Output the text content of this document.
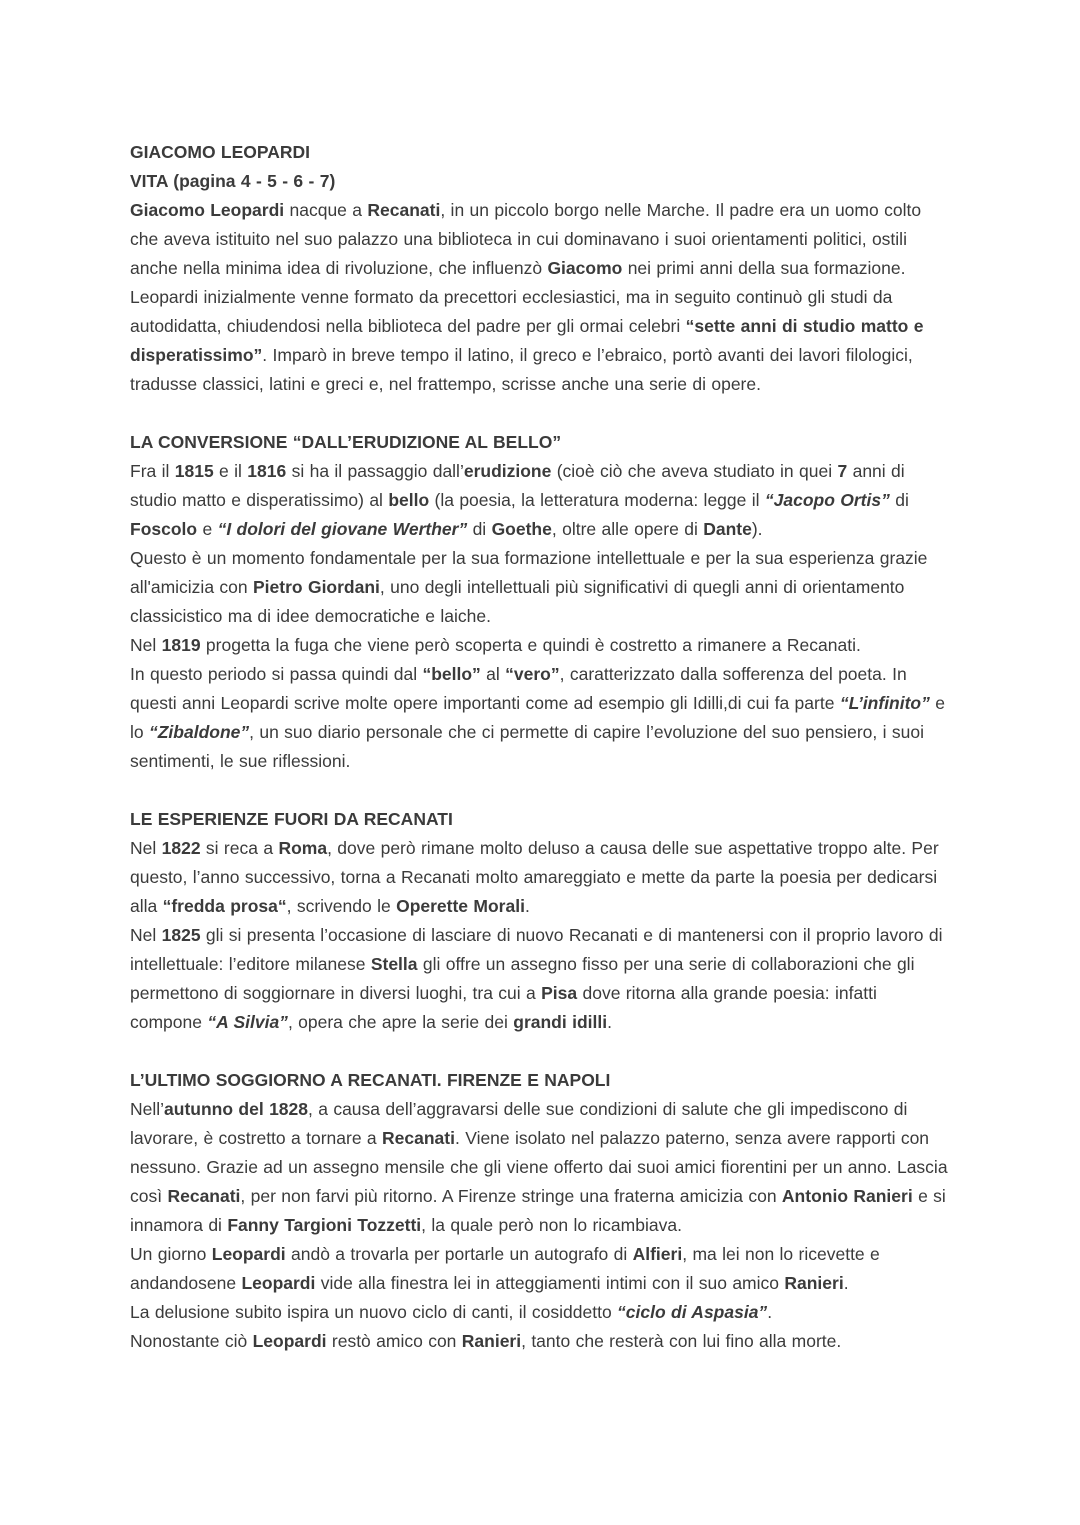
GIACOMO LEOPARDI

VITA (pagina 4 - 5 - 6 - 7)

Giacomo Leopardi nacque a Recanati, in un piccolo borgo nelle Marche. Il padre era un uomo colto che aveva istituito nel suo palazzo una biblioteca in cui dominavano i suoi orientamenti politici, ostili anche nella minima idea di rivoluzione, che influenzò Giacomo nei primi anni della sua formazione. Leopardi inizialmente venne formato da precettori ecclesiastici, ma in seguito continuò gli studi da autodidatta, chiudendosi nella biblioteca del padre per gli ormai celebri “sette anni di studio matto e disperatissimo”. Imparò in breve tempo il latino, il greco e l’ebraico, portò avanti dei lavori filologici, tradusse classici, latini e greci e, nel frattempo, scrisse anche una serie di opere.

LA CONVERSIONE “DALL’ERUDIZIONE AL BELLO”

Fra il 1815 e il 1816 si ha il passaggio dall’erudizione (cioè ciò che aveva studiato in quei 7 anni di studio matto e disperatissimo) al bello (la poesia, la letteratura moderna: legge il “Jacopo Ortis” di Foscolo e “I dolori del giovane Werther” di Goethe, oltre alle opere di Dante).

Questo è un momento fondamentale per la sua formazione intellettuale e per la sua esperienza grazie all'amicizia con Pietro Giordani, uno degli intellettuali più significativi di quegli anni di orientamento classicistico ma di idee democratiche e laiche.

Nel 1819 progetta la fuga che viene però scoperta e quindi è costretto a rimanere a Recanati.

In questo periodo si passa quindi dal “bello” al “vero”, caratterizzato dalla sofferenza del poeta. In questi anni Leopardi scrive molte opere importanti come ad esempio gli Idilli,di cui fa parte “L’infinito” e lo “Zibaldone”, un suo diario personale che ci permette di capire l’evoluzione del suo pensiero, i suoi sentimenti, le sue riflessioni.

LE ESPERIENZE FUORI DA RECANATI

Nel 1822 si reca a Roma, dove però rimane molto deluso a causa delle sue aspettative troppo alte. Per questo, l’anno successivo, torna a Recanati molto amareggiato e mette da parte la poesia per dedicarsi alla “fredda prosa“, scrivendo le Operette Morali.

Nel 1825 gli si presenta l’occasione di lasciare di nuovo Recanati e di mantenersi con il proprio lavoro di intellettuale: l’editore milanese Stella gli offre un assegno fisso per una serie di collaborazioni che gli permettono di soggiornare in diversi luoghi, tra cui a Pisa dove ritorna alla grande poesia: infatti compone “A Silvia”, opera che apre la serie dei grandi idilli.

L’ULTIMO SOGGIORNO A RECANATI. FIRENZE E NAPOLI

Nell’autunno del 1828, a causa dell’aggravarsi delle sue condizioni di salute che gli impediscono di lavorare, è costretto a tornare a Recanati. Viene isolato nel palazzo paterno, senza avere rapporti con nessuno. Grazie ad un assegno mensile che gli viene offerto dai suoi amici fiorentini per un anno. Lascia così Recanati, per non farvi più ritorno. A Firenze stringe una fraterna amicizia con Antonio Ranieri e si innamora di Fanny Targioni Tozzetti, la quale però non lo ricambiava.

Un giorno Leopardi andò a trovarla per portarle un autografo di Alfieri, ma lei non lo ricevette e andandosene Leopardi vide alla finestra lei in atteggiamenti intimi con il suo amico Ranieri.

La delusione subito ispira un nuovo ciclo di canti, il cosiddetto “ciclo di Aspasia”.

Nonostante ciò Leopardi restò amico con Ranieri, tanto che resterà con lui fino alla morte.
